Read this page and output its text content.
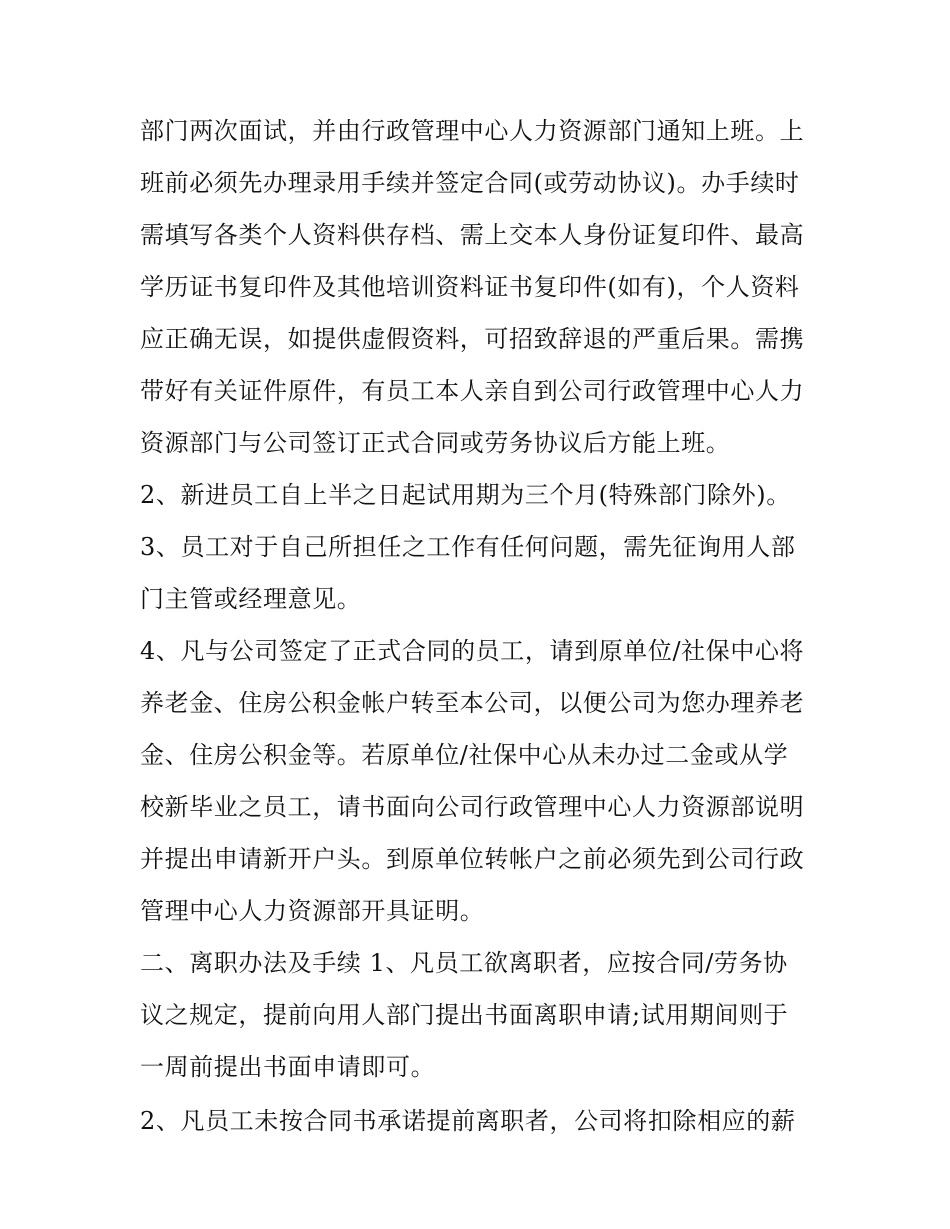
部门两次面试，并由行政管理中心人力资源部门通知上班。上
班前必须先办理录用手续并签定合同(或劳动协议)。办手续时
需填写各类个人资料供存档、需上交本人身份证复印件、最高
学历证书复印件及其他培训资料证书复印件(如有)，个人资料
应正确无误，如提供虚假资料，可招致辞退的严重后果。需携
带好有关证件原件，有员工本人亲自到公司行政管理中心人力
资源部门与公司签订正式合同或劳务协议后方能上班。
2、新进员工自上半之日起试用期为三个月(特殊部门除外)。
3、员工对于自己所担任之工作有任何问题，需先征询用人部
门主管或经理意见。
4、凡与公司签定了正式合同的员工，请到原单位/社保中心将
养老金、住房公积金帐户转至本公司，以便公司为您办理养老
金、住房公积金等。若原单位/社保中心从未办过二金或从学
校新毕业之员工，请书面向公司行政管理中心人力资源部说明
并提出申请新开户头。到原单位转帐户之前必须先到公司行政
管理中心人力资源部开具证明。
二、离职办法及手续 1、凡员工欲离职者，应按合同/劳务协
议之规定，提前向用人部门提出书面离职申请;试用期间则于
一周前提出书面申请即可。
2、凡员工未按合同书承诺提前离职者，公司将扣除相应的薪
